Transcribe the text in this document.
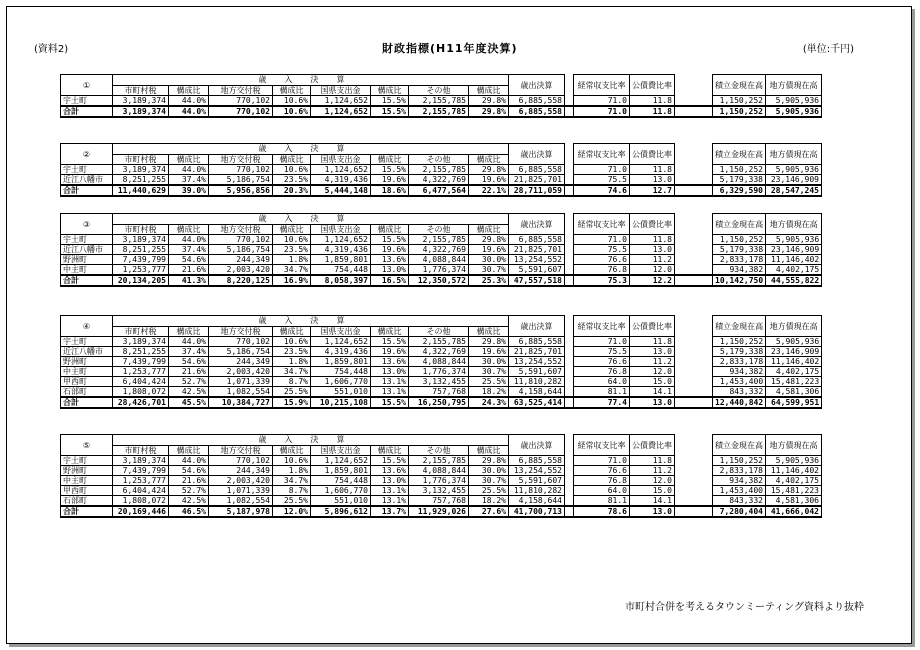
(資料2)	財政指標(H11年度決算)	(単位:千円)
①	歳入決算								歳出決算		経常収支比率	公債費比率		積立金現在高	地方債現在高
	市町村税	構成比	地方交付税	構成比	国県支出金	構成比	その他	構成比							
宇土町	3,189,374	44.0%	770,102	10.6%	1,124,652	15.5%	2,155,785	29.8%	6,885,558		71.0	11.8		1,150,252	5,905,936
合計	3,189,374	44.0%	770,102	10.6%	1,124,652	15.5%	2,155,785	29.8%	6,885,558		71.0	11.8		1,150,252	5,905,936
②	歳入決算								歳出決算		経常収支比率	公債費比率		積立金現在高	地方債現在高
	市町村税	構成比	地方交付税	構成比	国県支出金	構成比	その他	構成比							
宇土町	3,189,374	44.0%	770,102	10.6%	1,124,652	15.5%	2,155,785	29.8%	6,885,558		71.0	11.8		1,150,252	5,905,936
近江八幡市	8,251,255	37.4%	5,186,754	23.5%	4,319,436	19.6%	4,322,769	19.6%	21,825,701		75.5	13.0		5,179,338	23,146,909
合計	11,440,629	39.0%	5,956,856	20.3%	5,444,148	18.6%	6,477,564	22.1%	28,711,059		74.6	12.7		6,329,590	28,547,245
③	歳入決算								歳出決算		経常収支比率	公債費比率		積立金現在高	地方債現在高
	市町村税	構成比	地方交付税	構成比	国県支出金	構成比	その他	構成比							
宇土町	3,189,374	44.0%	770,102	10.6%	1,124,652	15.5%	2,155,785	29.8%	6,885,558		71.0	11.8		1,150,252	5,905,936
近江八幡市	8,251,255	37.4%	5,186,754	23.5%	4,319,436	19.6%	4,322,769	19.6%	21,825,701		75.5	13.0		5,179,338	23,146,909
野洲町	7,439,799	54.6%	244,349	1.8%	1,859,801	13.6%	4,088,844	30.0%	13,254,552		76.6	11.2		2,833,178	11,146,402
中主町	1,253,777	21.6%	2,003,420	34.7%	754,448	13.0%	1,776,374	30.7%	5,591,607		76.8	12.0		934,382	4,402,175
合計	20,134,205	41.3%	8,220,125	16.9%	8,058,397	16.5%	12,350,572	25.3%	47,557,518		75.3	12.2		10,142,750	44,555,822
④	歳入決算								歳出決算		経常収支比率	公債費比率		積立金現在高	地方債現在高
	市町村税	構成比	地方交付税	構成比	国県支出金	構成比	その他	構成比							
宇土町	3,189,374	44.0%	770,102	10.6%	1,124,652	15.5%	2,155,785	29.8%	6,885,558		71.0	11.8		1,150,252	5,905,936
近江八幡市	8,251,255	37.4%	5,186,754	23.5%	4,319,436	19.6%	4,322,769	19.6%	21,825,701		75.5	13.0		5,179,338	23,146,909
野洲町	7,439,799	54.6%	244,349	1.8%	1,859,801	13.6%	4,088,844	30.0%	13,254,552		76.6	11.2		2,833,178	11,146,402
中主町	1,253,777	21.6%	2,003,420	34.7%	754,448	13.0%	1,776,374	30.7%	5,591,607		76.8	12.0		934,382	4,402,175
甲西町	6,404,424	52.7%	1,071,339	8.7%	1,606,770	13.1%	3,132,455	25.5%	11,810,282		64.0	15.0		1,453,400	15,481,223
石部町	1,808,072	42.5%	1,082,554	25.5%	551,010	13.1%	757,768	18.2%	4,158,644		81.1	14.1		843,332	4,581,306
合計	28,426,701	45.5%	10,384,727	15.9%	10,215,108	15.5%	16,250,795	24.3%	63,525,414		77.4	13.0		12,440,842	64,599,951
⑤	歳入決算								歳出決算		経常収支比率	公債費比率		積立金現在高	地方債現在高
	市町村税	構成比	地方交付税	構成比	国県支出金	構成比	その他	構成比							
宇土町	3,189,374	44.0%	770,102	10.6%	1,124,652	15.5%	2,155,785	29.8%	6,885,558		71.0	11.8		1,150,252	5,905,936
野洲町	7,439,799	54.6%	244,349	1.8%	1,859,801	13.6%	4,088,844	30.0%	13,254,552		76.6	11.2		2,833,178	11,146,402
中主町	1,253,777	21.6%	2,003,420	34.7%	754,448	13.0%	1,776,374	30.7%	5,591,607		76.8	12.0		934,382	4,402,175
甲西町	6,404,424	52.7%	1,071,339	8.7%	1,606,770	13.1%	3,132,455	25.5%	11,810,282		64.0	15.0		1,453,400	15,481,223
石部町	1,808,072	42.5%	1,082,554	25.5%	551,010	13.1%	757,768	18.2%	4,158,644		81.1	14.1		843,332	4,581,306
合計	20,169,446	46.5%	5,187,978	12.0%	5,896,612	13.7%	11,929,026	27.6%	41,700,713		78.6	13.0		7,280,404	41,666,042
市町村合併を考えるタウンミーティング資料より抜粋
